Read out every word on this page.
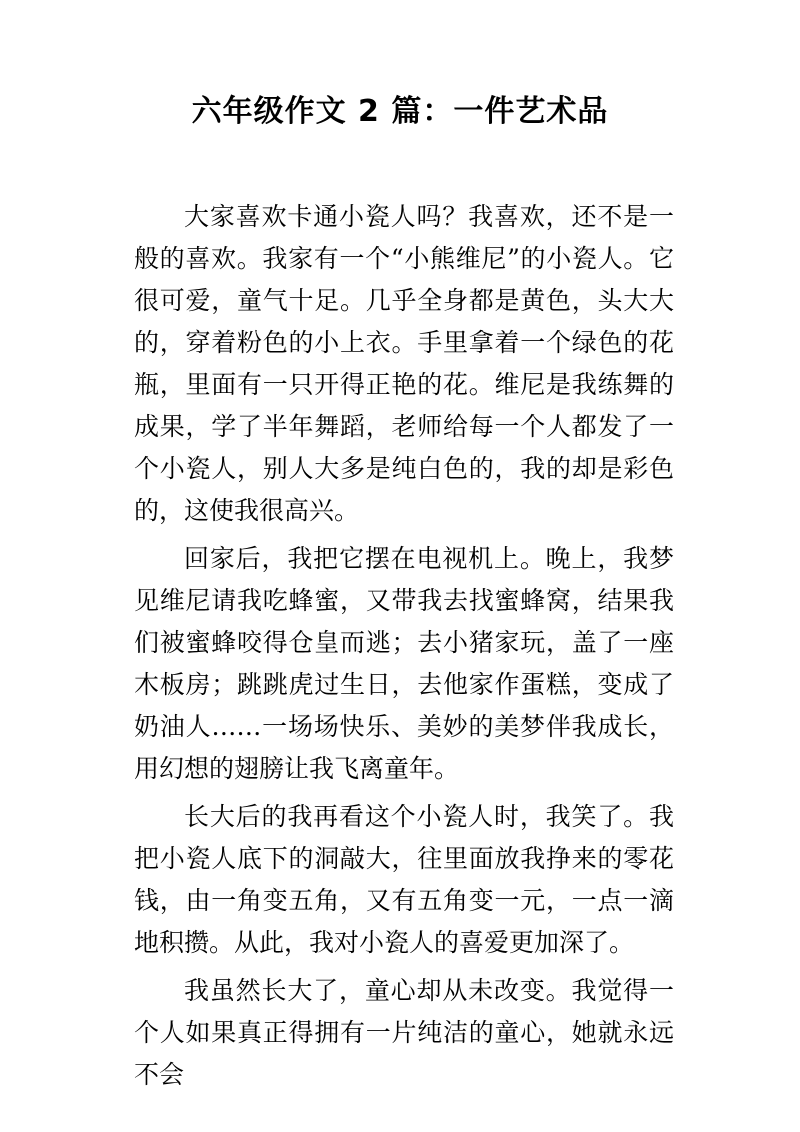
六年级作文 2 篇：一件艺术品

大家喜欢卡通小瓷人吗？我喜欢，还不是一般的喜欢。我家有一个“小熊维尼”的小瓷人。它很可爱，童气十足。几乎全身都是黄色，头大大的，穿着粉色的小上衣。手里拿着一个绿色的花瓶，里面有一只开得正艳的花。维尼是我练舞的成果，学了半年舞蹈，老师给每一个人都发了一个小瓷人，别人大多是纯白色的，我的却是彩色的，这使我很高兴。

回家后，我把它摆在电视机上。晚上，我梦见维尼请我吃蜂蜜，又带我去找蜜蜂窝，结果我们被蜜蜂咬得仓皇而逃；去小猪家玩，盖了一座木板房；跳跳虎过生日，去他家作蛋糕，变成了奶油人……一场场快乐、美妙的美梦伴我成长，用幻想的翅膀让我飞离童年。

长大后的我再看这个小瓷人时，我笑了。我把小瓷人底下的洞敲大，往里面放我挣来的零花钱，由一角变五角，又有五角变一元，一点一滴地积攒。从此，我对小瓷人的喜爱更加深了。

我虽然长大了，童心却从未改变。我觉得一个人如果真正得拥有一片纯洁的童心，她就永远不会
